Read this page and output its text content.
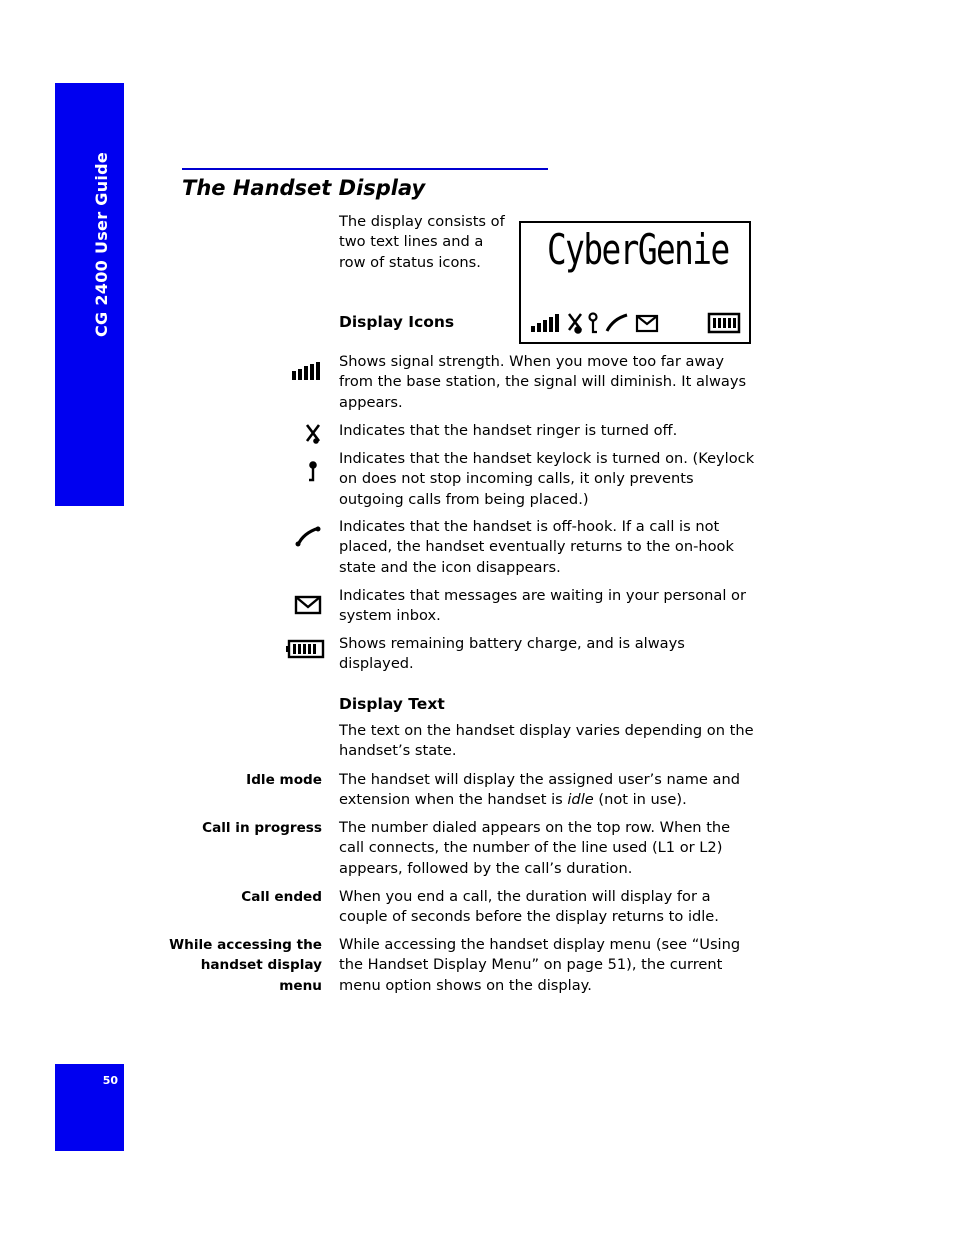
CG 2400 User Guide
50
The Handset Display
The display consists of two text lines and a row of status icons.	CyberGenie
Display Icons
Shows signal strength. When you move too far away from the base station, the signal will diminish. It always appears.
Indicates that the handset ringer is turned off.
Indicates that the handset keylock is turned on. (Keylock on does not stop incoming calls, it only prevents outgoing calls from being placed.)
Indicates that the handset is off-hook. If a call is not placed, the handset eventually returns to the on-hook state and the icon disappears.
Indicates that messages are waiting in your personal or system inbox.
Shows remaining battery charge, and is always displayed.
Display Text
The text on the handset display varies depending on the handset’s state.
Idle mode The handset will display the assigned user’s name and extension when the handset is idle (not in use).
Call in progress The number dialed appears on the top row. When the call connects, the number of the line used (L1 or L2) appears, followed by the call’s duration.
Call ended When you end a call, the duration will display for a couple of seconds before the display returns to idle.
While accessing the
handset display
menu
While accessing the handset display menu (see “Using the Handset Display Menu” on page 51), the current menu option shows on the display.
